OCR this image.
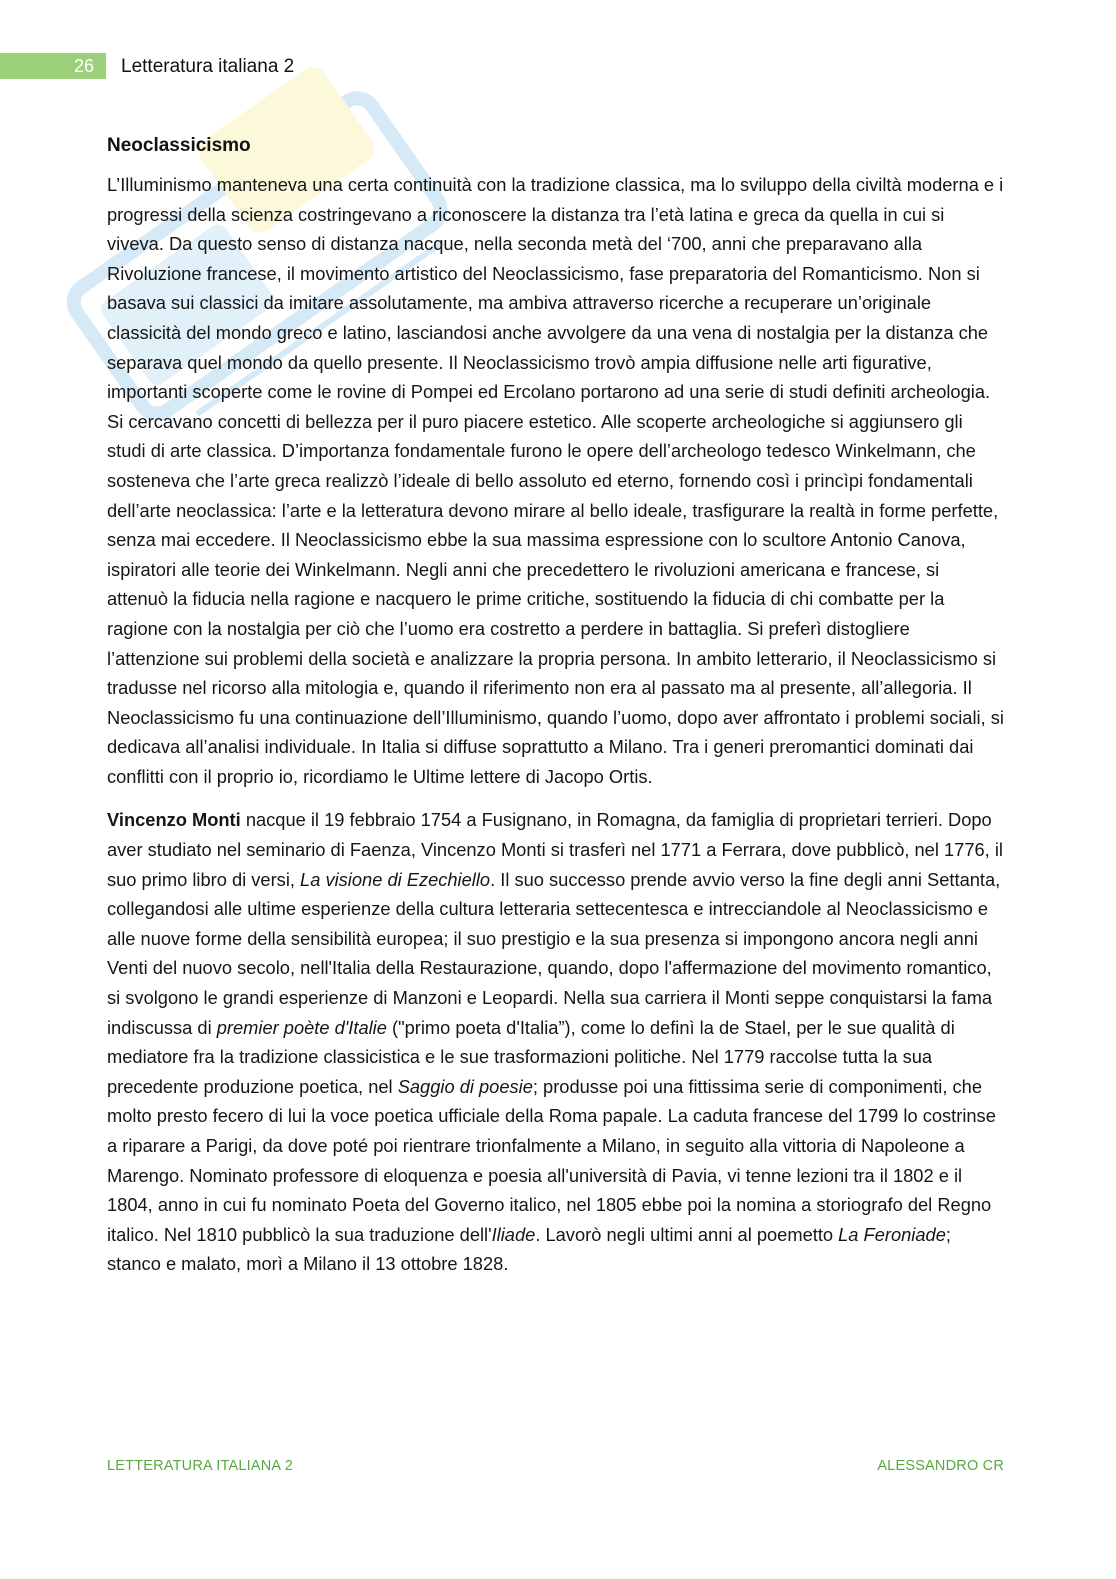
26	Letteratura italiana 2
Neoclassicismo

L’Illuminismo manteneva una certa continuità con la tradizione classica, ma lo sviluppo della civiltà moderna e i progressi della scienza costringevano a riconoscere la distanza tra l’età latina e greca da quella in cui si viveva. Da questo senso di distanza nacque, nella seconda metà del ‘700, anni che preparavano alla Rivoluzione francese, il movimento artistico del Neoclassicismo, fase preparatoria del Romanticismo. Non si basava sui classici da imitare assolutamente, ma ambiva attraverso ricerche a recuperare un’originale classicità del mondo greco e latino, lasciandosi anche avvolgere da una vena di nostalgia per la distanza che separava quel mondo da quello presente. Il Neoclassicismo trovò ampia diffusione nelle arti figurative, importanti scoperte come le rovine di Pompei ed Ercolano portarono ad una serie di studi definiti archeologia. Si cercavano concetti di bellezza per il puro piacere estetico. Alle scoperte archeologiche si aggiunsero gli studi di arte classica. D’importanza fondamentale furono le opere dell’archeologo tedesco Winkelmann, che sosteneva che l’arte greca realizzò l’ideale di bello assoluto ed eterno, fornendo così i princìpi fondamentali dell’arte neoclassica: l’arte e la letteratura devono mirare al bello ideale, trasfigurare la realtà in forme perfette, senza mai eccedere. Il Neoclassicismo ebbe la sua massima espressione con lo scultore Antonio Canova, ispiratori alle teorie dei Winkelmann. Negli anni che precedettero le rivoluzioni americana e francese, si attenuò la fiducia nella ragione e nacquero le prime critiche, sostituendo la fiducia di chi combatte per la ragione con la nostalgia per ciò che l’uomo era costretto a perdere in battaglia. Si preferì distogliere l’attenzione sui problemi della società e analizzare la propria persona. In ambito letterario, il Neoclassicismo si tradusse nel ricorso alla mitologia e, quando il riferimento non era al passato ma al presente, all’allegoria. Il Neoclassicismo fu una continuazione dell’Illuminismo, quando l’uomo, dopo aver affrontato i problemi sociali, si dedicava all’analisi individuale. In Italia si diffuse soprattutto a Milano. Tra i generi preromantici dominati dai conflitti con il proprio io, ricordiamo le Ultime lettere di Jacopo Ortis.

Vincenzo Monti nacque il 19 febbraio 1754 a Fusignano, in Romagna, da famiglia di proprietari terrieri. Dopo aver studiato nel seminario di Faenza, Vincenzo Monti si trasferì nel 1771 a Ferrara, dove pubblicò, nel 1776, il suo primo libro di versi, La visione di Ezechiello. Il suo successo prende avvio verso la fine degli anni Settanta, collegandosi alle ultime esperienze della cultura letteraria settecentesca e intrecciandole al Neoclassicismo e alle nuove forme della sensibilità europea; il suo prestigio e la sua presenza si impongono ancora negli anni Venti del nuovo secolo, nell'Italia della Restaurazione, quando, dopo l'affermazione del movimento romantico, si svolgono le grandi esperienze di Manzoni e Leopardi. Nella sua carriera il Monti seppe conquistarsi la fama indiscussa di premier poète d'Italie ("primo poeta d'Italia”), come lo definì la de Stael, per le sue qualità di mediatore fra la tradizione classicistica e le sue trasformazioni politiche. Nel 1779 raccolse tutta la sua precedente produzione poetica, nel Saggio di poesie; produsse poi una fittissima serie di componimenti, che molto presto fecero di lui la voce poetica ufficiale della Roma papale. La caduta francese del 1799 lo costrinse a riparare a Parigi, da dove poté poi rientrare trionfalmente a Milano, in seguito alla vittoria di Napoleone a Marengo. Nominato professore di eloquenza e poesia all'università di Pavia, vi tenne lezioni tra il 1802 e il 1804, anno in cui fu nominato Poeta del Governo italico, nel 1805 ebbe poi la nomina a storiografo del Regno italico. Nel 1810 pubblicò la sua traduzione dell'Iliade. Lavorò negli ultimi anni al poemetto La Feroniade; stanco e malato, morì a Milano il 13 ottobre 1828.

LETTERATURA ITALIANA 2	ALESSANDRO CR
